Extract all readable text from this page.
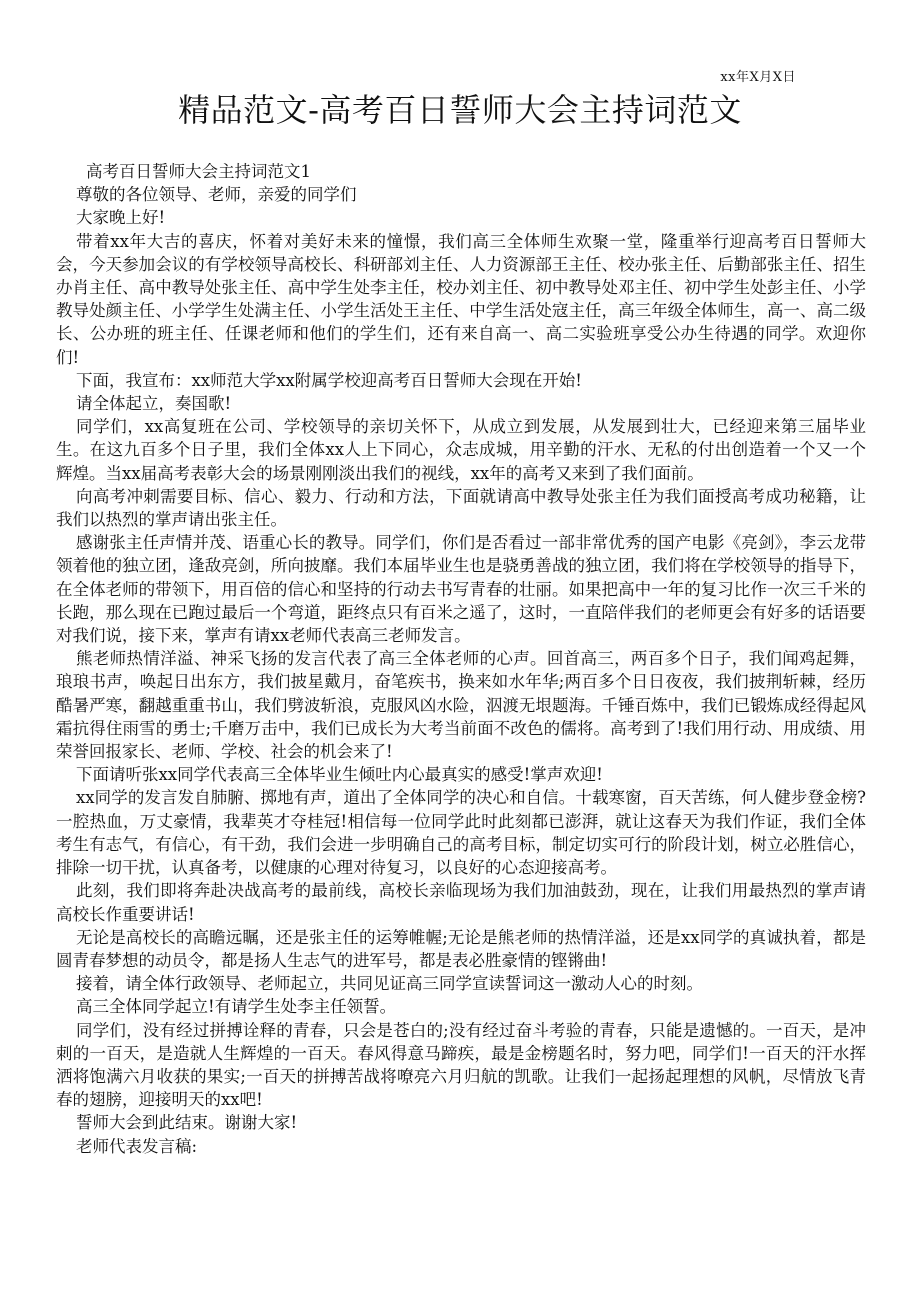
xx年X月X日
精品范文-高考百日誓师大会主持词范文

高考百日誓师大会主持词范文1

尊敬的各位领导、老师，亲爱的同学们

大家晚上好!

带着xx年大吉的喜庆，怀着对美好未来的憧憬，我们高三全体师生欢聚一堂，隆重举行迎高考百日誓师大会，今天参加会议的有学校领导高校长、科研部刘主任、人力资源部王主任、校办张主任、后勤部张主任、招生办肖主任、高中教导处张主任、高中学生处李主任，校办刘主任、初中教导处邓主任、初中学生处彭主任、小学教导处颜主任、小学学生处满主任、小学生活处王主任、中学生活处寇主任，高三年级全体师生，高一、高二级长、公办班的班主任、任课老师和他们的学生们，还有来自高一、高二实验班享受公办生待遇的同学。欢迎你们!

下面，我宣布：xx师范大学xx附属学校迎高考百日誓师大会现在开始!

请全体起立，奏国歌!

同学们，xx高复班在公司、学校领导的亲切关怀下，从成立到发展，从发展到壮大，已经迎来第三届毕业生。在这九百多个日子里，我们全体xx人上下同心，众志成城，用辛勤的汗水、无私的付出创造着一个又一个辉煌。当xx届高考表彰大会的场景刚刚淡出我们的视线，xx年的高考又来到了我们面前。

向高考冲刺需要目标、信心、毅力、行动和方法，下面就请高中教导处张主任为我们面授高考成功秘籍，让我们以热烈的掌声请出张主任。

感谢张主任声情并茂、语重心长的教导。同学们，你们是否看过一部非常优秀的国产电影《亮剑》，李云龙带领着他的独立团，逢敌亮剑，所向披靡。我们本届毕业生也是骁勇善战的独立团，我们将在学校领导的指导下，在全体老师的带领下，用百倍的信心和坚持的行动去书写青春的壮丽。如果把高中一年的复习比作一次三千米的长跑，那么现在已跑过最后一个弯道，距终点只有百米之遥了，这时，一直陪伴我们的老师更会有好多的话语要对我们说，接下来，掌声有请xx老师代表高三老师发言。

熊老师热情洋溢、神采飞扬的发言代表了高三全体老师的心声。回首高三，两百多个日子，我们闻鸡起舞，琅琅书声，唤起日出东方，我们披星戴月，奋笔疾书，换来如水年华;两百多个日日夜夜，我们披荆斩棘，经历酷暑严寒，翻越重重书山，我们劈波斩浪，克服风凶水险，泅渡无垠题海。千锤百炼中，我们已锻炼成经得起风霜抗得住雨雪的勇士;千磨万击中，我们已成长为大考当前面不改色的儒将。高考到了!我们用行动、用成绩、用荣誉回报家长、老师、学校、社会的机会来了!

下面请听张xx同学代表高三全体毕业生倾吐内心最真实的感受!掌声欢迎!

xx同学的发言发自肺腑、掷地有声，道出了全体同学的决心和自信。十载寒窗，百天苦练，何人健步登金榜?一腔热血，万丈豪情，我辈英才夺桂冠!相信每一位同学此时此刻都已澎湃，就让这春天为我们作证，我们全体考生有志气，有信心，有干劲，我们会进一步明确自己的高考目标，制定切实可行的阶段计划，树立必胜信心，排除一切干扰，认真备考，以健康的心理对待复习，以良好的心态迎接高考。

此刻，我们即将奔赴决战高考的最前线，高校长亲临现场为我们加油鼓劲，现在，让我们用最热烈的掌声请高校长作重要讲话!

无论是高校长的高瞻远瞩，还是张主任的运筹帷幄;无论是熊老师的热情洋溢，还是xx同学的真诚执着，都是圆青春梦想的动员令，都是扬人生志气的进军号，都是表必胜豪情的铿锵曲!

接着，请全体行政领导、老师起立，共同见证高三同学宣读誓词这一激动人心的时刻。

高三全体同学起立!有请学生处李主任领誓。

同学们，没有经过拼搏诠释的青春，只会是苍白的;没有经过奋斗考验的青春，只能是遗憾的。一百天，是冲刺的一百天，是造就人生辉煌的一百天。春风得意马蹄疾，最是金榜题名时，努力吧，同学们!一百天的汗水挥洒将饱满六月收获的果实;一百天的拼搏苦战将嘹亮六月归航的凯歌。让我们一起扬起理想的风帆，尽情放飞青春的翅膀，迎接明天的xx吧!

誓师大会到此结束。谢谢大家!

老师代表发言稿:
